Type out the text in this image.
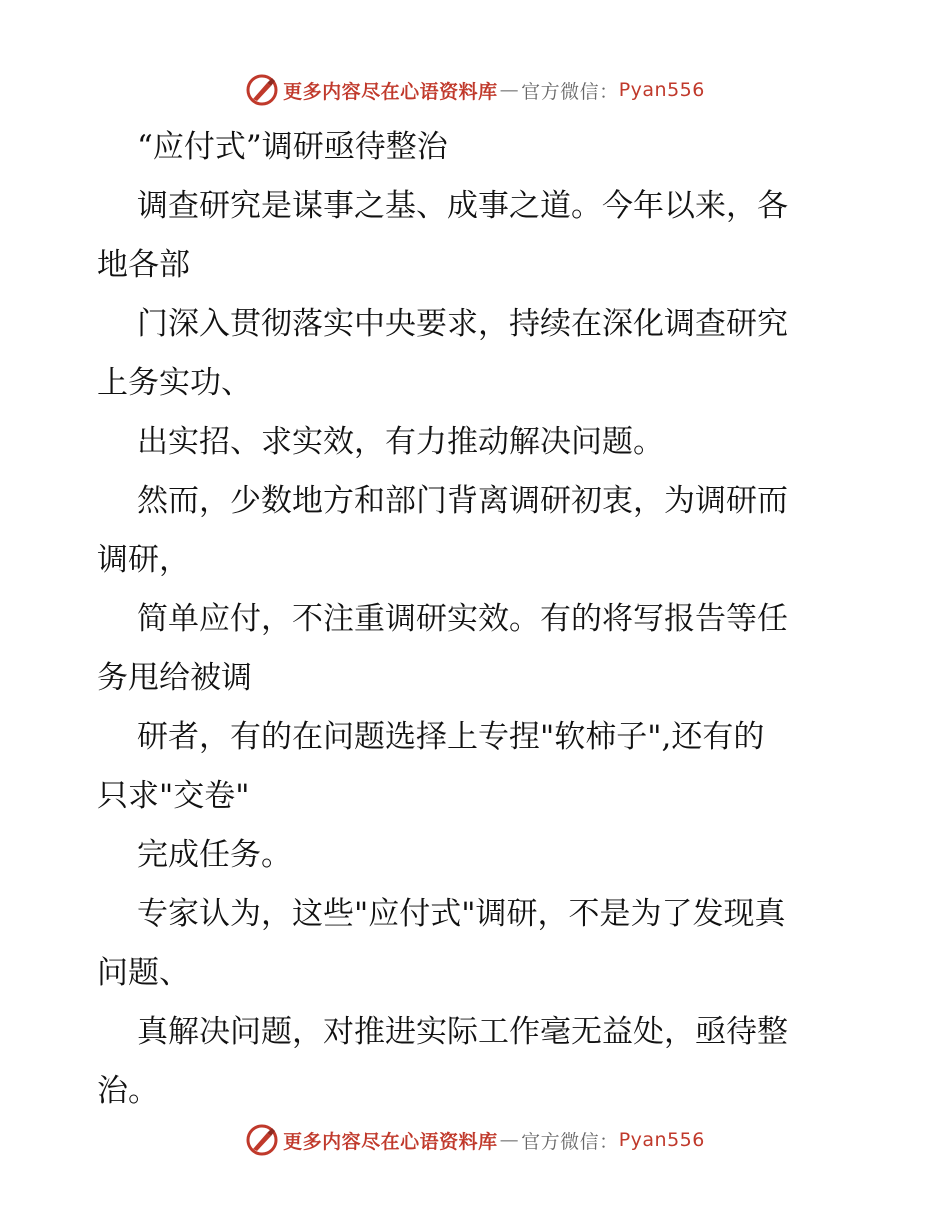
更多内容尽在心语资料库 — 官方微信： Pyan556
“应付式”调研亟待整治
调查研究是谋事之基、成事之道。今年以来，各
地各部
门深入贯彻落实中央要求，持续在深化调查研究
上务实功、
出实招、求实效，有力推动解决问题。
然而，少数地方和部门背离调研初衷，为调研而
调研，
简单应付，不注重调研实效。有的将写报告等任
务甩给被调
研者，有的在问题选择上专捏"软柿子",还有的
只求"交卷"
完成任务。
专家认为，这些"应付式"调研，不是为了发现真
问题、
真解决问题，对推进实际工作毫无益处，亟待整
治。
更多内容尽在心语资料库 — 官方微信： Pyan556
